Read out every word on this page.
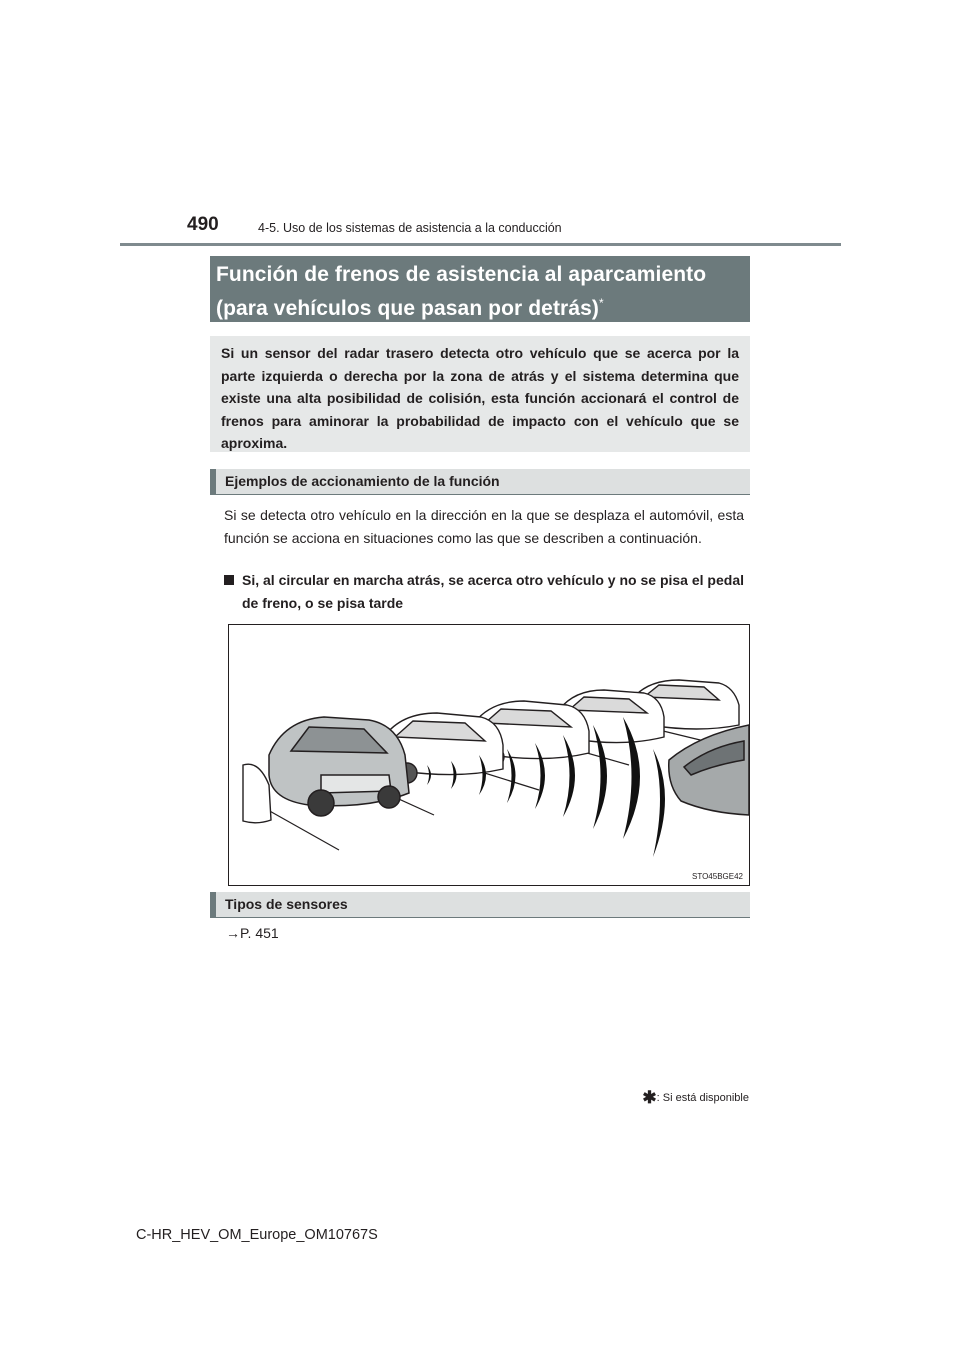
490	4-5. Uso de los sistemas de asistencia a la conducción
Función de frenos de asistencia al aparcamiento
(para vehículos que pasan por detrás)*
Si un sensor del radar trasero detecta otro vehículo que se acerca por la parte izquierda o derecha por la zona de atrás y el sistema determina que existe una alta posibilidad de colisión, esta función accionará el control de frenos para aminorar la probabilidad de impacto con el vehículo que se aproxima.
Ejemplos de accionamiento de la función
Si se detecta otro vehículo en la dirección en la que se desplaza el automóvil, esta función se acciona en situaciones como las que se describen a continuación.
Si, al circular en marcha atrás, se acerca otro vehículo y no se pisa el pedal de freno, o se pisa tarde
STO45BGE42
Tipos de sensores
→P. 451
✱: Si está disponible
C-HR_HEV_OM_Europe_OM10767S
